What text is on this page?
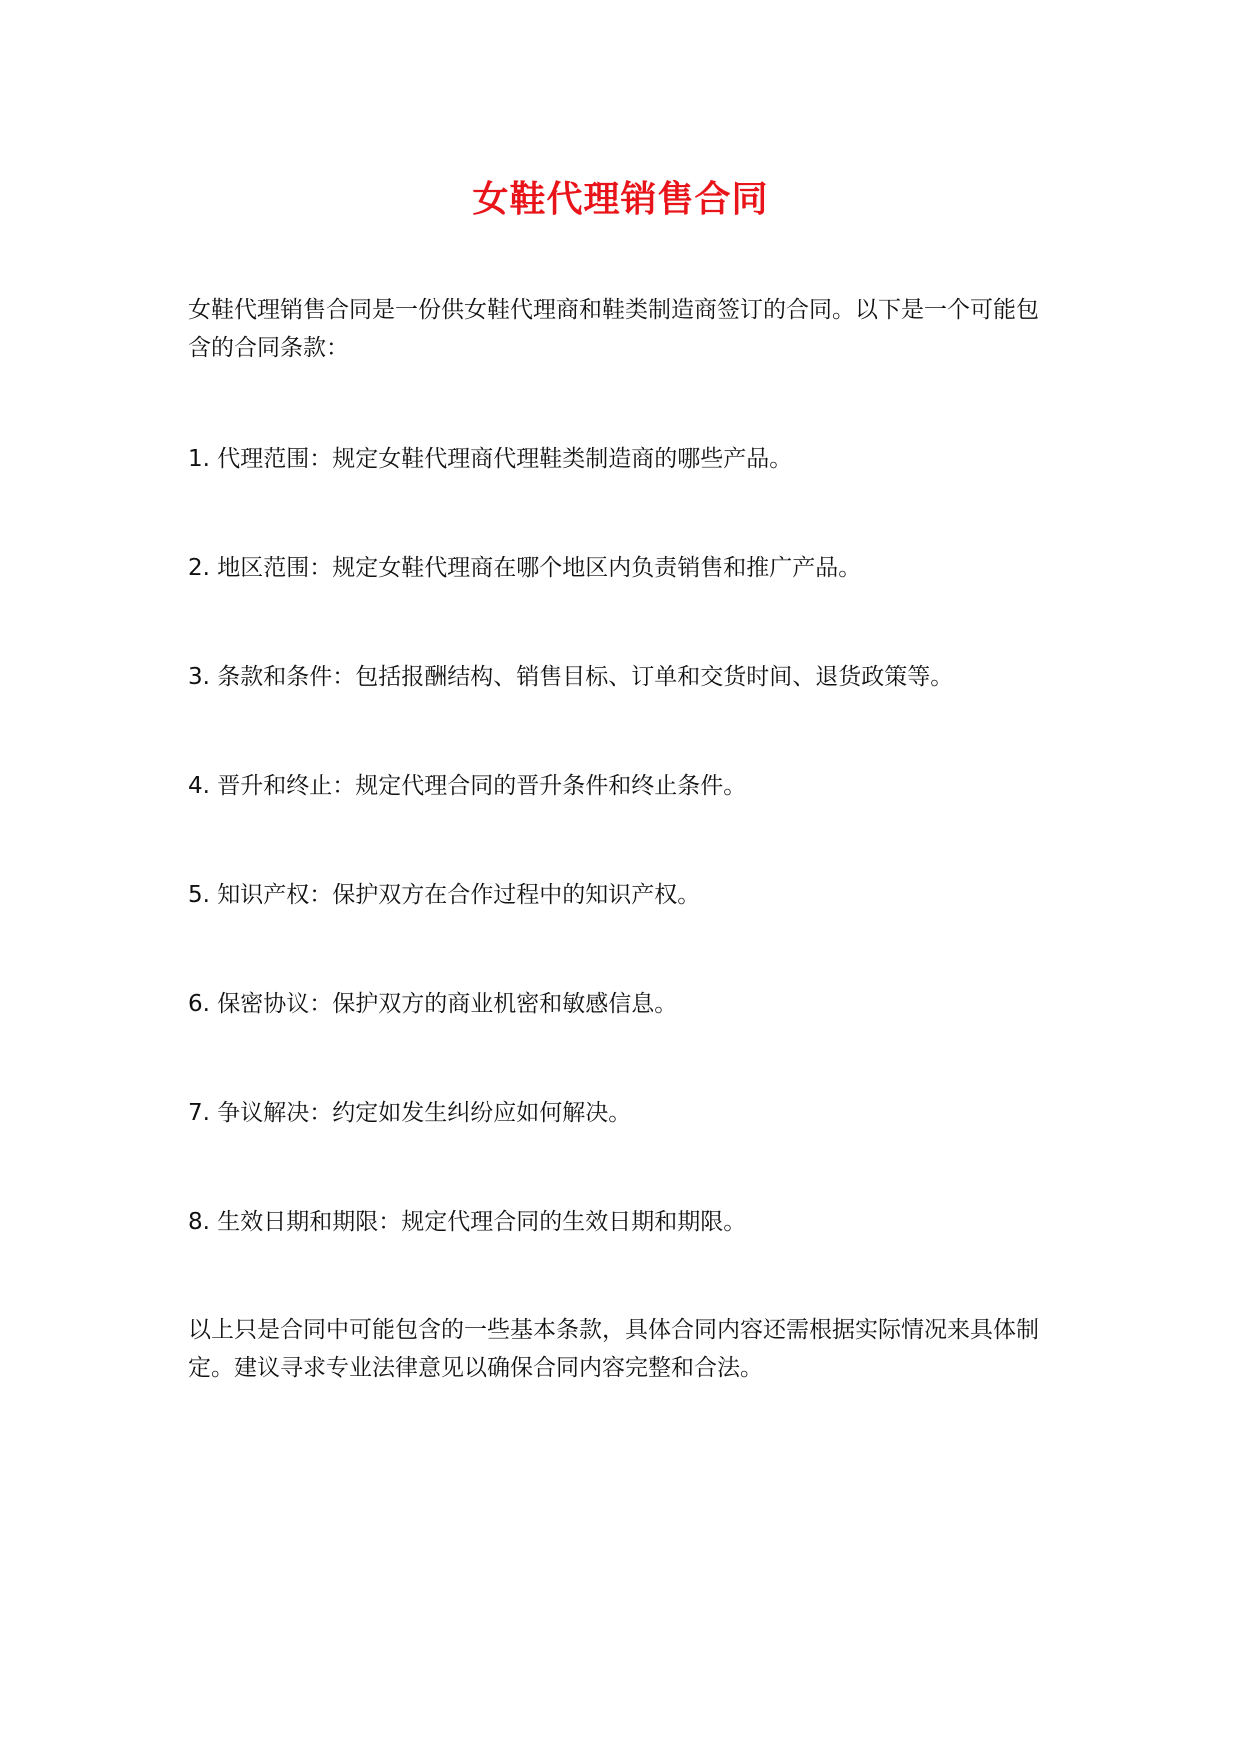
女鞋代理销售合同

女鞋代理销售合同是一份供女鞋代理商和鞋类制造商签订的合同。以下是一个可能包含的合同条款：

1. 代理范围：规定女鞋代理商代理鞋类制造商的哪些产品。
2. 地区范围：规定女鞋代理商在哪个地区内负责销售和推广产品。
3. 条款和条件：包括报酬结构、销售目标、订单和交货时间、退货政策等。
4. 晋升和终止：规定代理合同的晋升条件和终止条件。
5. 知识产权：保护双方在合作过程中的知识产权。
6. 保密协议：保护双方的商业机密和敏感信息。
7. 争议解决：约定如发生纠纷应如何解决。
8. 生效日期和期限：规定代理合同的生效日期和期限。

以上只是合同中可能包含的一些基本条款，具体合同内容还需根据实际情况来具体制定。建议寻求专业法律意见以确保合同内容完整和合法。
